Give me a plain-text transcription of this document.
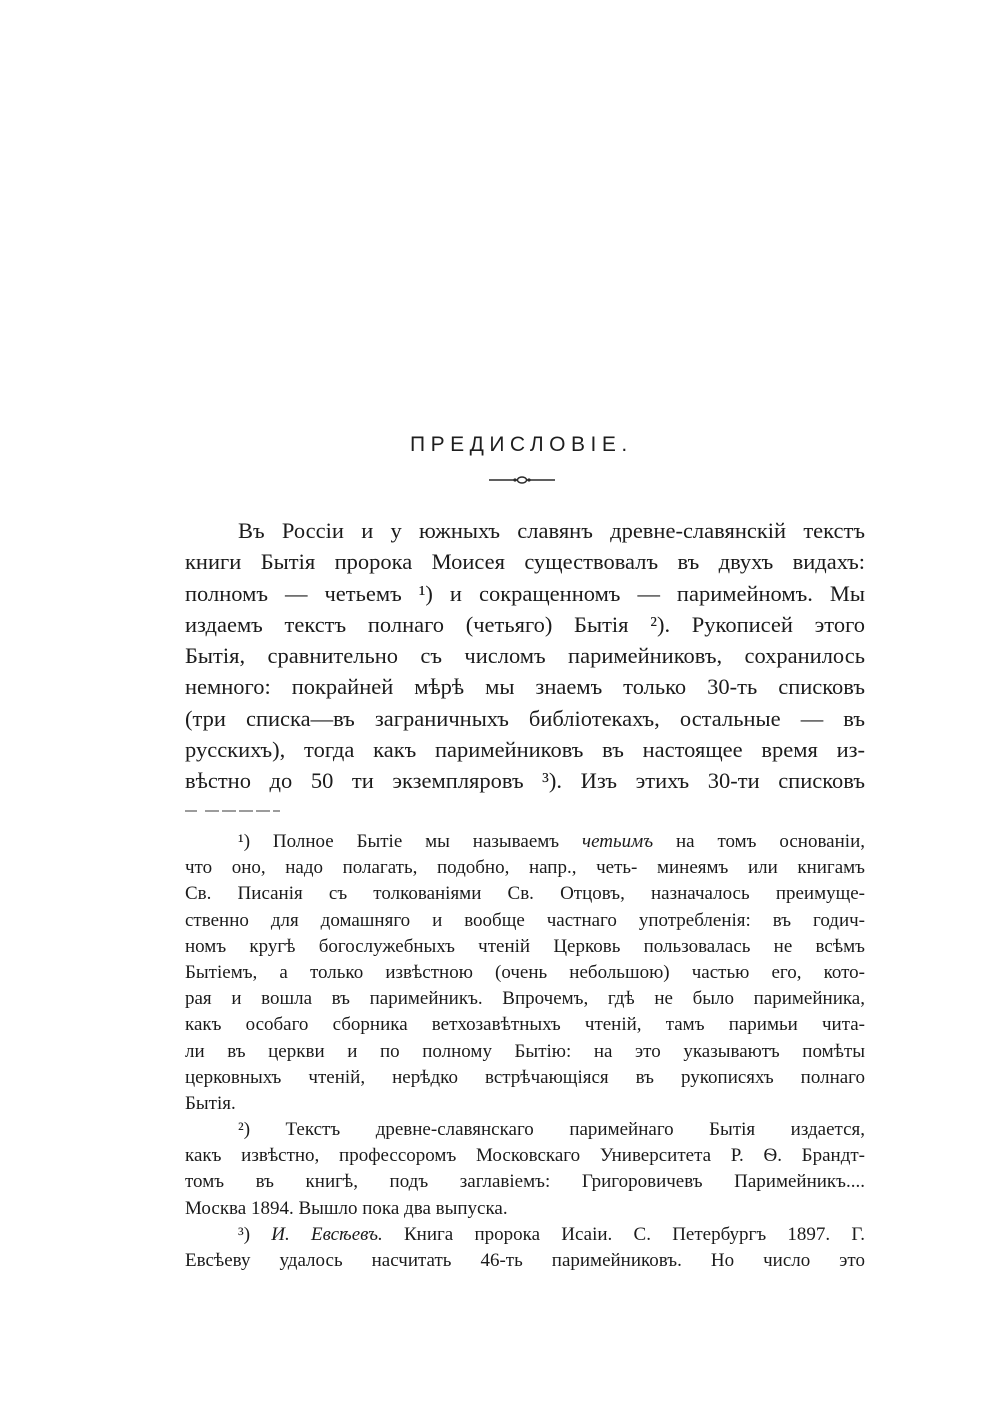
ПРЕДИСЛОВІЕ.
Въ Россіи и у южныхъ славянъ древне-славянскій текстъ
книги Бытія пророка Моисея существовалъ въ двухъ видахъ:
полномъ — четьемъ ¹) и сокращенномъ — паримейномъ. Мы
издаемъ текстъ полнаго (четьяго) Бытія ²). Рукописей этого
Бытія, сравнительно съ числомъ паримейниковъ, сохранилось
немного: покрайней мѣрѣ мы знаемъ только 30-ть списковъ
(три списка—въ заграничныхъ библіотекахъ, остальные — въ
русскихъ), тогда какъ паримейниковъ въ настоящее время из-
вѣстно до 50 ти экземпляровъ ³). Изъ этихъ 30-ти списковъ
¹) Полное Бытіе мы называемъ четьимъ на томъ основаніи,
что оно, надо полагать, подобно, напр., четь- минеямъ или книгамъ
Св. Писанія съ толкованіями Св. Отцовъ, назначалось преимуще-
ственно для домашняго и вообще частнаго употребленія: въ годич-
номъ кругѣ богослужебныхъ чтеній Церковь пользовалась не всѣмъ
Бытіемъ, а только извѣстною (очень небольшою) частью его, кото-
рая и вошла въ паримейникъ. Впрочемъ, гдѣ не было паримейника,
какъ особаго сборника ветхозавѣтныхъ чтеній, тамъ паримьи чита-
ли въ церкви и по полному Бытію: на это указываютъ помѣты
церковныхъ чтеній, нерѣдко встрѣчающіяся въ рукописяхъ полнаго
Бытія.
²) Текстъ древне-славянскаго паримейнаго Бытія издается,
какъ извѣстно, профессоромъ Московскаго Университета Р. Ѳ. Брандт-
томъ въ книгѣ, подъ заглавіемъ: Григоровичевъ Паримейникъ....
Москва 1894. Вышло пока два выпуска.
³) И. Евсѣевъ. Книга пророка Исаіи. С. Петербургъ 1897. Г.
Евсѣеву удалось насчитать 46-ть паримейниковъ. Но число это
